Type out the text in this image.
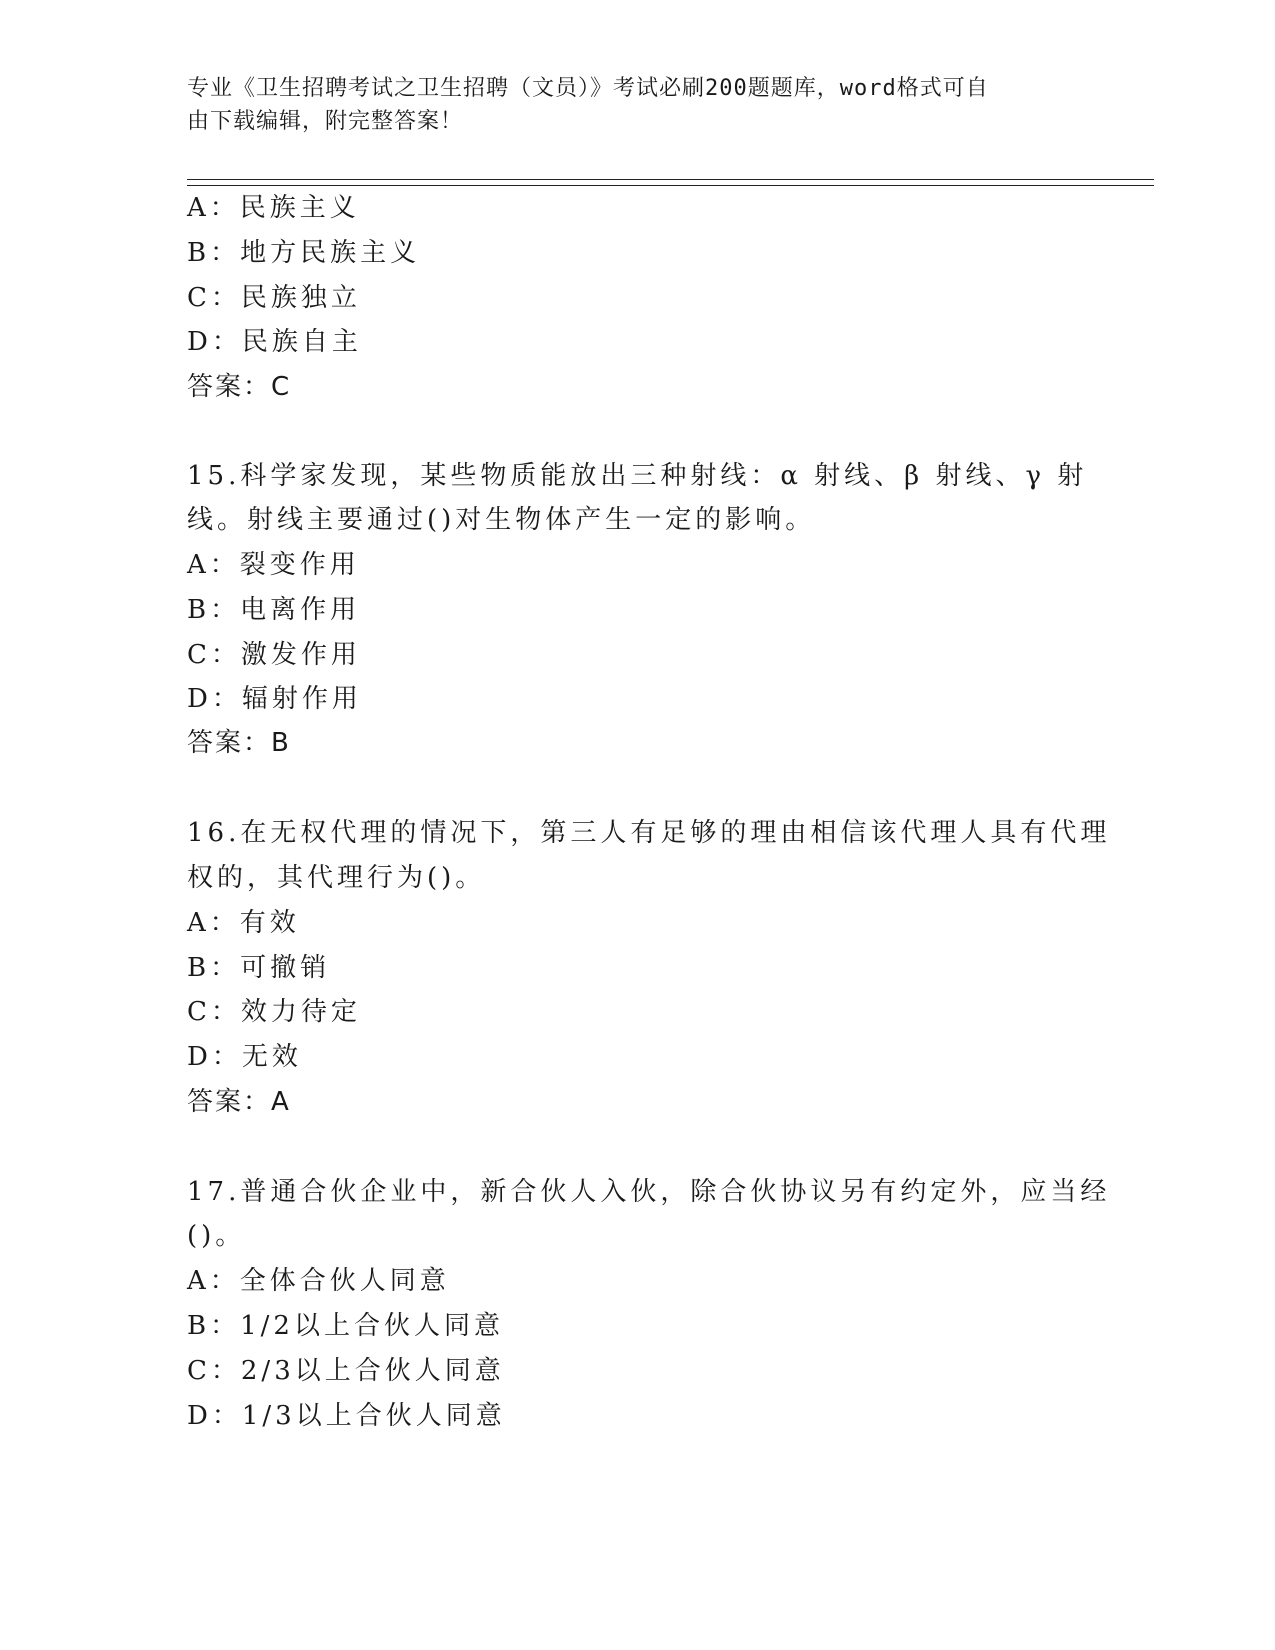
专业《卫生招聘考试之卫生招聘（文员）》考试必刷200题题库，word格式可自
由下载编辑，附完整答案！
A：民族主义
B：地方民族主义
C：民族独立
D：民族自主
答案：C
15.科学家发现，某些物质能放出三种射线：α 射线、β 射线、γ 射
线。射线主要通过()对生物体产生一定的影响。
A：裂变作用
B：电离作用
C：激发作用
D：辐射作用
答案：B
16.在无权代理的情况下，第三人有足够的理由相信该代理人具有代理
权的，其代理行为()。
A：有效
B：可撤销
C：效力待定
D：无效
答案：A
17.普通合伙企业中，新合伙人入伙，除合伙协议另有约定外，应当经
()。
A：全体合伙人同意
B：1/2以上合伙人同意
C：2/3以上合伙人同意
D：1/3以上合伙人同意
